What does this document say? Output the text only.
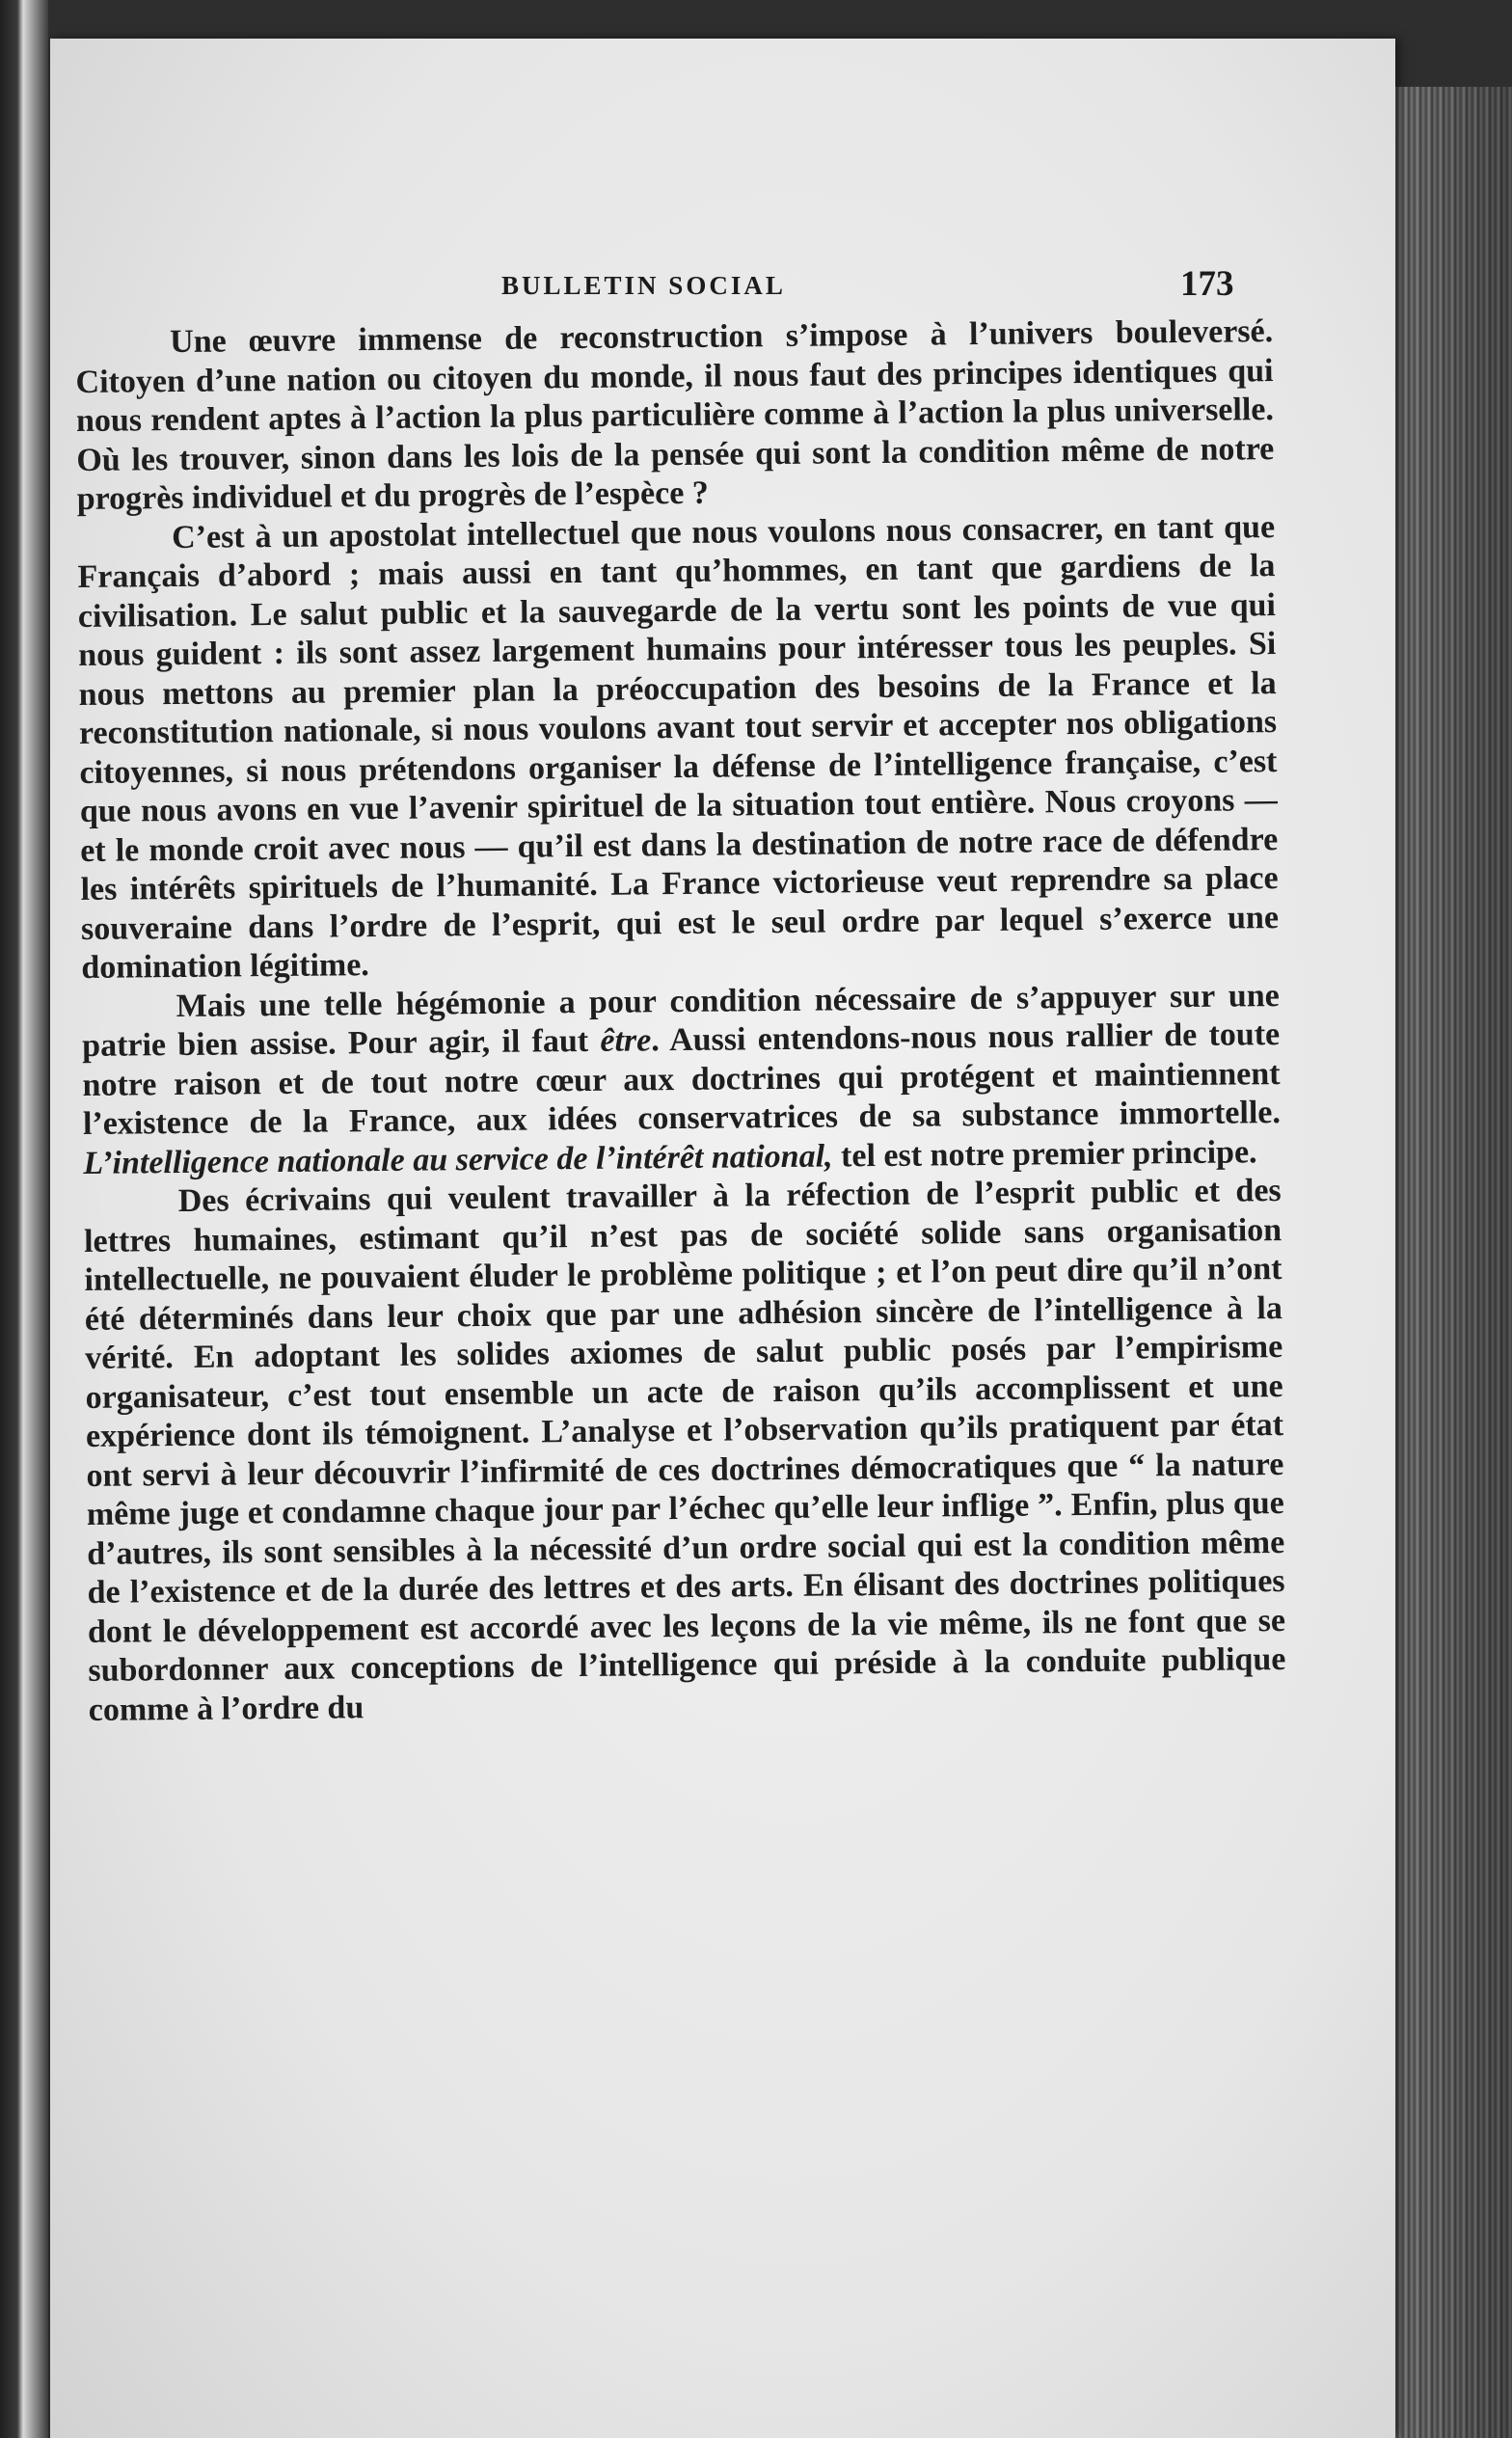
BULLETIN SOCIAL	173

Une œuvre immense de reconstruction s’impose à l’univers bouleversé. Citoyen d’une nation ou citoyen du monde, il nous faut des principes identiques qui nous rendent aptes à l’action la plus particulière comme à l’action la plus universelle. Où les trouver, sinon dans les lois de la pensée qui sont la condition même de notre progrès individuel et du progrès de l’espèce ?

C’est à un apostolat intellectuel que nous voulons nous consacrer, en tant que Français d’abord ; mais aussi en tant qu’hommes, en tant que gardiens de la civilisation. Le salut public et la sauvegarde de la vertu sont les points de vue qui nous guident : ils sont assez largement humains pour intéresser tous les peuples. Si nous mettons au premier plan la préoccupation des besoins de la France et la reconstitution nationale, si nous voulons avant tout servir et accepter nos obligations citoyennes, si nous prétendons organiser la défense de l’intelligence française, c’est que nous avons en vue l’avenir spirituel de la situation tout entière. Nous croyons — et le monde croit avec nous — qu’il est dans la destination de notre race de défendre les intérêts spirituels de l’humanité. La France victorieuse veut reprendre sa place souveraine dans l’ordre de l’esprit, qui est le seul ordre par lequel s’exerce une domination légitime.

Mais une telle hégémonie a pour condition nécessaire de s’appuyer sur une patrie bien assise. Pour agir, il faut être. Aussi entendons-nous nous rallier de toute notre raison et de tout notre cœur aux doctrines qui protégent et maintiennent l’existence de la France, aux idées conservatrices de sa substance immortelle. L’intelligence nationale au service de l’intérêt national, tel est notre premier principe.

Des écrivains qui veulent travailler à la réfection de l’esprit public et des lettres humaines, estimant qu’il n’est pas de société solide sans organisation intellectuelle, ne pouvaient éluder le problème politique ; et l’on peut dire qu’il n’ont été déterminés dans leur choix que par une adhésion sincère de l’intelligence à la vérité. En adoptant les solides axiomes de salut public posés par l’empirisme organisateur, c’est tout ensemble un acte de raison qu’ils accomplissent et une expérience dont ils témoignent. L’analyse et l’observation qu’ils pratiquent par état ont servi à leur découvrir l’infirmité de ces doctrines démocratiques que “ la nature même juge et condamne chaque jour par l’échec qu’elle leur inflige ”. Enfin, plus que d’autres, ils sont sensibles à la nécessité d’un ordre social qui est la condition même de l’existence et de la durée des lettres et des arts. En élisant des doctrines politiques dont le développement est accordé avec les leçons de la vie même, ils ne font que se subordonner aux conceptions de l’intelligence qui préside à la conduite publique comme à l’ordre du
